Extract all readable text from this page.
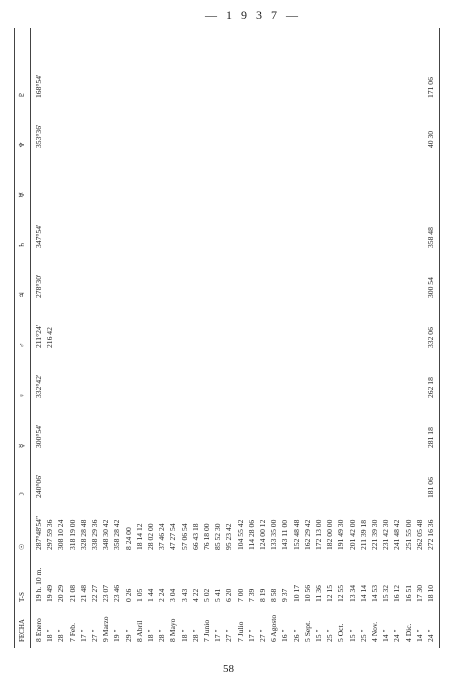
— 1 9 3 7 —
58
FECHA
T-S
☉
☽
☿
♀
♂
♃
♄
♅
♆
♇
8 Enero
19 h. 10 m.
287°48'54"
240°06'
300°54'
332°42'
211°24'
278°30'
347°54'
353°36'
168°54'
18 "
19 49
297 59 36
216 42
28 "
20 29
308 10 24
7 Feb.
21 08
318 19 00
17 "
21 48
328 28 48
27 "
22 27
338 29 36
9 Marzo
23 07
348 30 42
19 "
23 46
358 28 42
29 "
0 26
8 24 00
8 Abril
1 05
18 14 12
18 "
1 44
28 02 00
28 "
2 24
37 46 24
8 Mayo
3 04
47 27 54
18 "
3 43
57 06 54
28 "
4 22
66 43 18
7 Junio
5 02
76 18 00
17 "
5 41
85 52 30
27 "
6 20
95 23 42
7 Julio
7 00
104 55 42
17 "
7 39
114 28 06
27 "
8 19
124 00 12
6 Agosto
8 58
133 35 00
16 "
9 37
143 11 00
26 "
10 17
152 48 48
5 Sept.
10 56
162 29 42
15 "
11 36
172 13 00
25 "
12 15
182 00 00
5 Oct.
12 55
191 49 30
15 "
13 34
201 42 00
25 "
14 14
211 39 18
4 Nov.
14 53
221 39 30
14 "
15 32
231 42 30
24 "
16 12
241 48 42
4 Dic.
16 51
251 55 00
14 "
17 30
262 05 48
24 "
18 10
272 16 36
181 06
281 18
262 18
332 06
300 54
358 48
40 30
171 06
